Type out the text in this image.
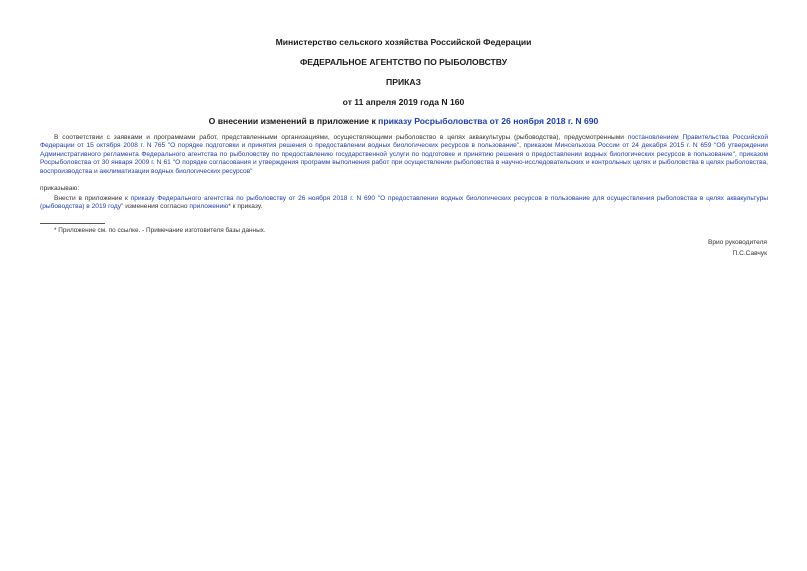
Министерство сельского хозяйства Российской Федерации
ФЕДЕРАЛЬНОЕ АГЕНТСТВО ПО РЫБОЛОВСТВУ
ПРИКАЗ
от 11 апреля 2019 года N 160
О внесении изменений в приложение к приказу Росрыболовства от 26 ноября 2018 г. N 690
В соответствии с заявками и программами работ, представленными организациями, осуществляющими рыболовство в целях аквакультуры (рыбоводства), предусмотренными постановлением Правительства Российской Федерации от 15 октября 2008 г. N 765 "О порядке подготовки и принятия решения о предоставлении водных биологических ресурсов в пользование", приказом Минсельхоза России от 24 декабря 2015 г. N 659 "Об утверждении Административного регламента Федерального агентства по рыболовству по предоставлению государственной услуги по подготовке и принятию решения о предоставлении водных биологических ресурсов в пользование", приказом Росрыболовства от 30 января 2009 г. N 61 "О порядке согласования и утверждения программ выполнения работ при осуществлении рыболовства в научно-исследовательских и контрольных целях и рыболовства в целях рыболовства, воспроизводства и акклиматизации водных биологических ресурсов"
приказываю:
Внести в приложение к приказу Федерального агентства по рыболовству от 26 ноября 2018 г. N 690 "О предоставлении водных биологических ресурсов в пользование для осуществления рыболовства в целях аквакультуры (рыбоводства) в 2019 году" изменения согласно приложению* к приказу.
* Приложение см. по ссылке. - Примечание изготовителя базы данных.
Врио руководителя
П.С.Савчук
